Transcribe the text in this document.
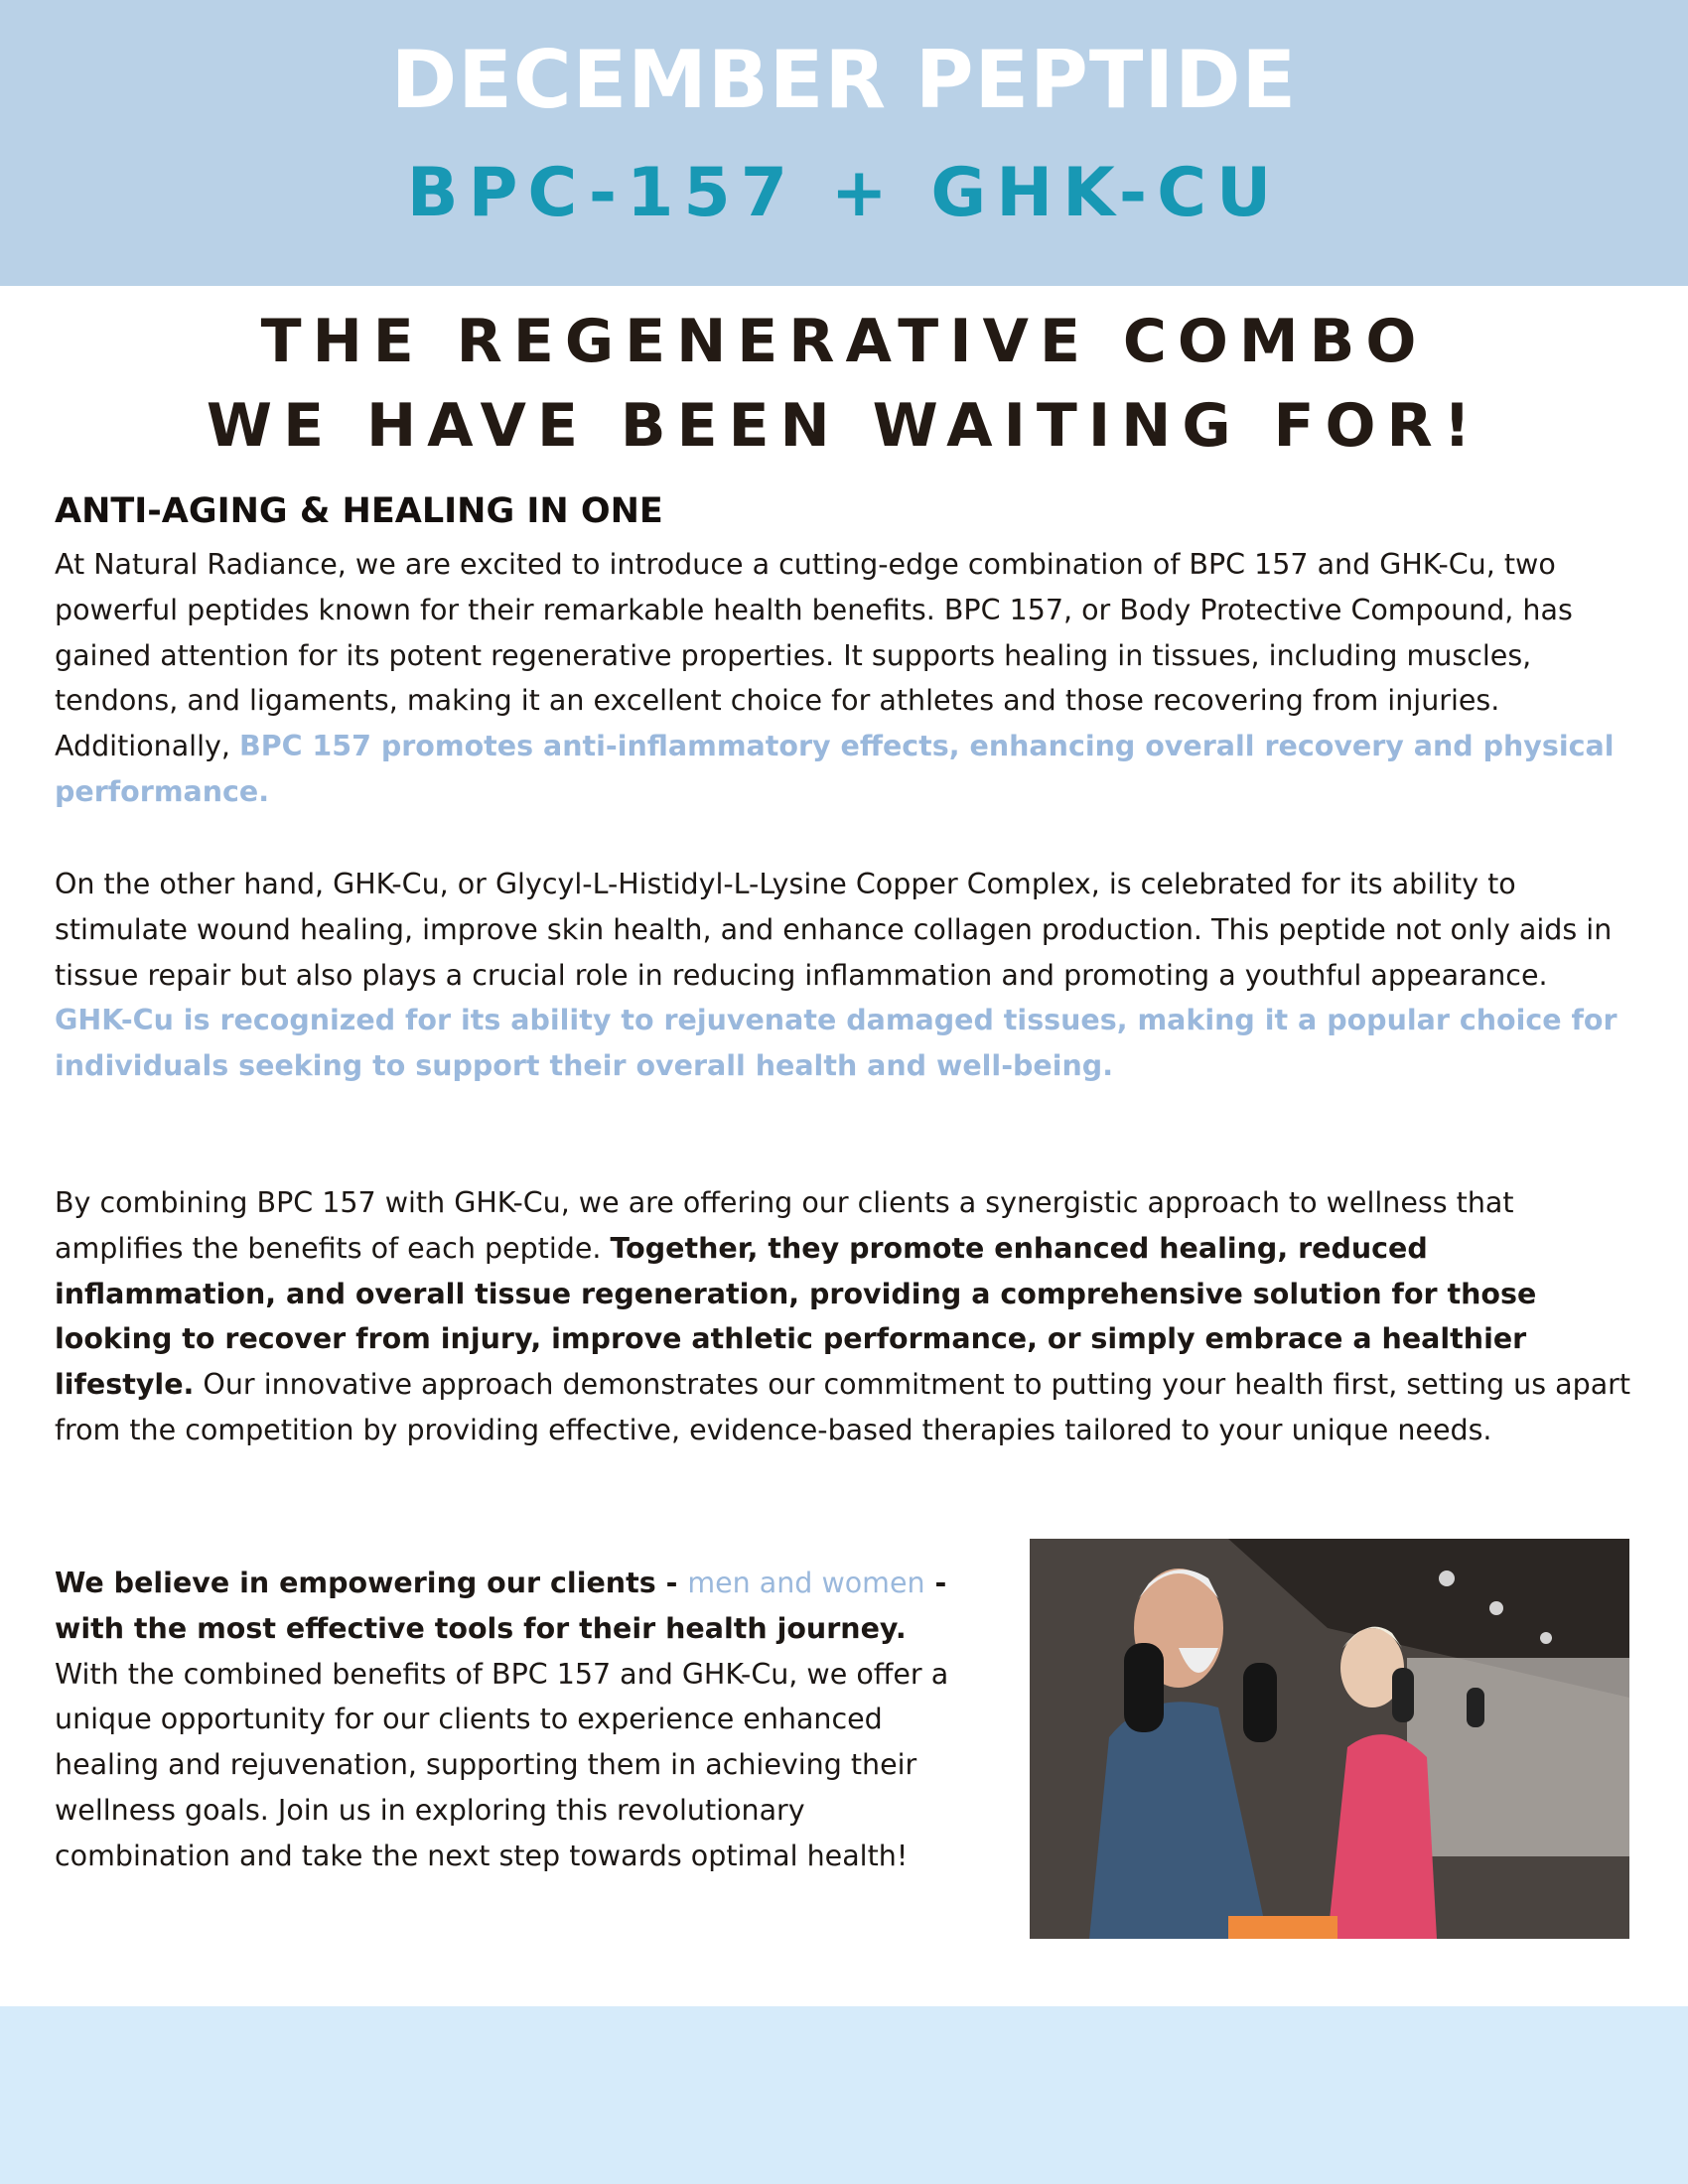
DECEMBER PEPTIDE
BPC-157 + GHK-CU
THE REGENERATIVE COMBO
WE HAVE BEEN WAITING FOR!
ANTI-AGING & HEALING IN ONE
At Natural Radiance, we are excited to introduce a cutting-edge combination of BPC 157 and GHK-Cu, two powerful peptides known for their remarkable health benefits. BPC 157, or Body Protective Compound, has gained attention for its potent regenerative properties. It supports healing in tissues, including muscles, tendons, and ligaments, making it an excellent choice for athletes and those recovering from injuries. Additionally, BPC 157 promotes anti-inflammatory effects, enhancing overall recovery and physical performance.
On the other hand, GHK-Cu, or Glycyl-L-Histidyl-L-Lysine Copper Complex, is celebrated for its ability to stimulate wound healing, improve skin health, and enhance collagen production. This peptide not only aids in tissue repair but also plays a crucial role in reducing inflammation and promoting a youthful appearance. GHK-Cu is recognized for its ability to rejuvenate damaged tissues, making it a popular choice for individuals seeking to support their overall health and well-being.
By combining BPC 157 with GHK-Cu, we are offering our clients a synergistic approach to wellness that amplifies the benefits of each peptide. Together, they promote enhanced healing, reduced inflammation, and overall tissue regeneration, providing a comprehensive solution for those looking to recover from injury, improve athletic performance, or simply embrace a healthier lifestyle. Our innovative approach demonstrates our commitment to putting your health first, setting us apart from the competition by providing effective, evidence-based therapies tailored to your unique needs.
We believe in empowering our clients - men and women - with the most effective tools for their health journey. With the combined benefits of BPC 157 and GHK-Cu, we offer a unique opportunity for our clients to experience enhanced healing and rejuvenation, supporting them in achieving their wellness goals. Join us in exploring this revolutionary combination and take the next step towards optimal health!
